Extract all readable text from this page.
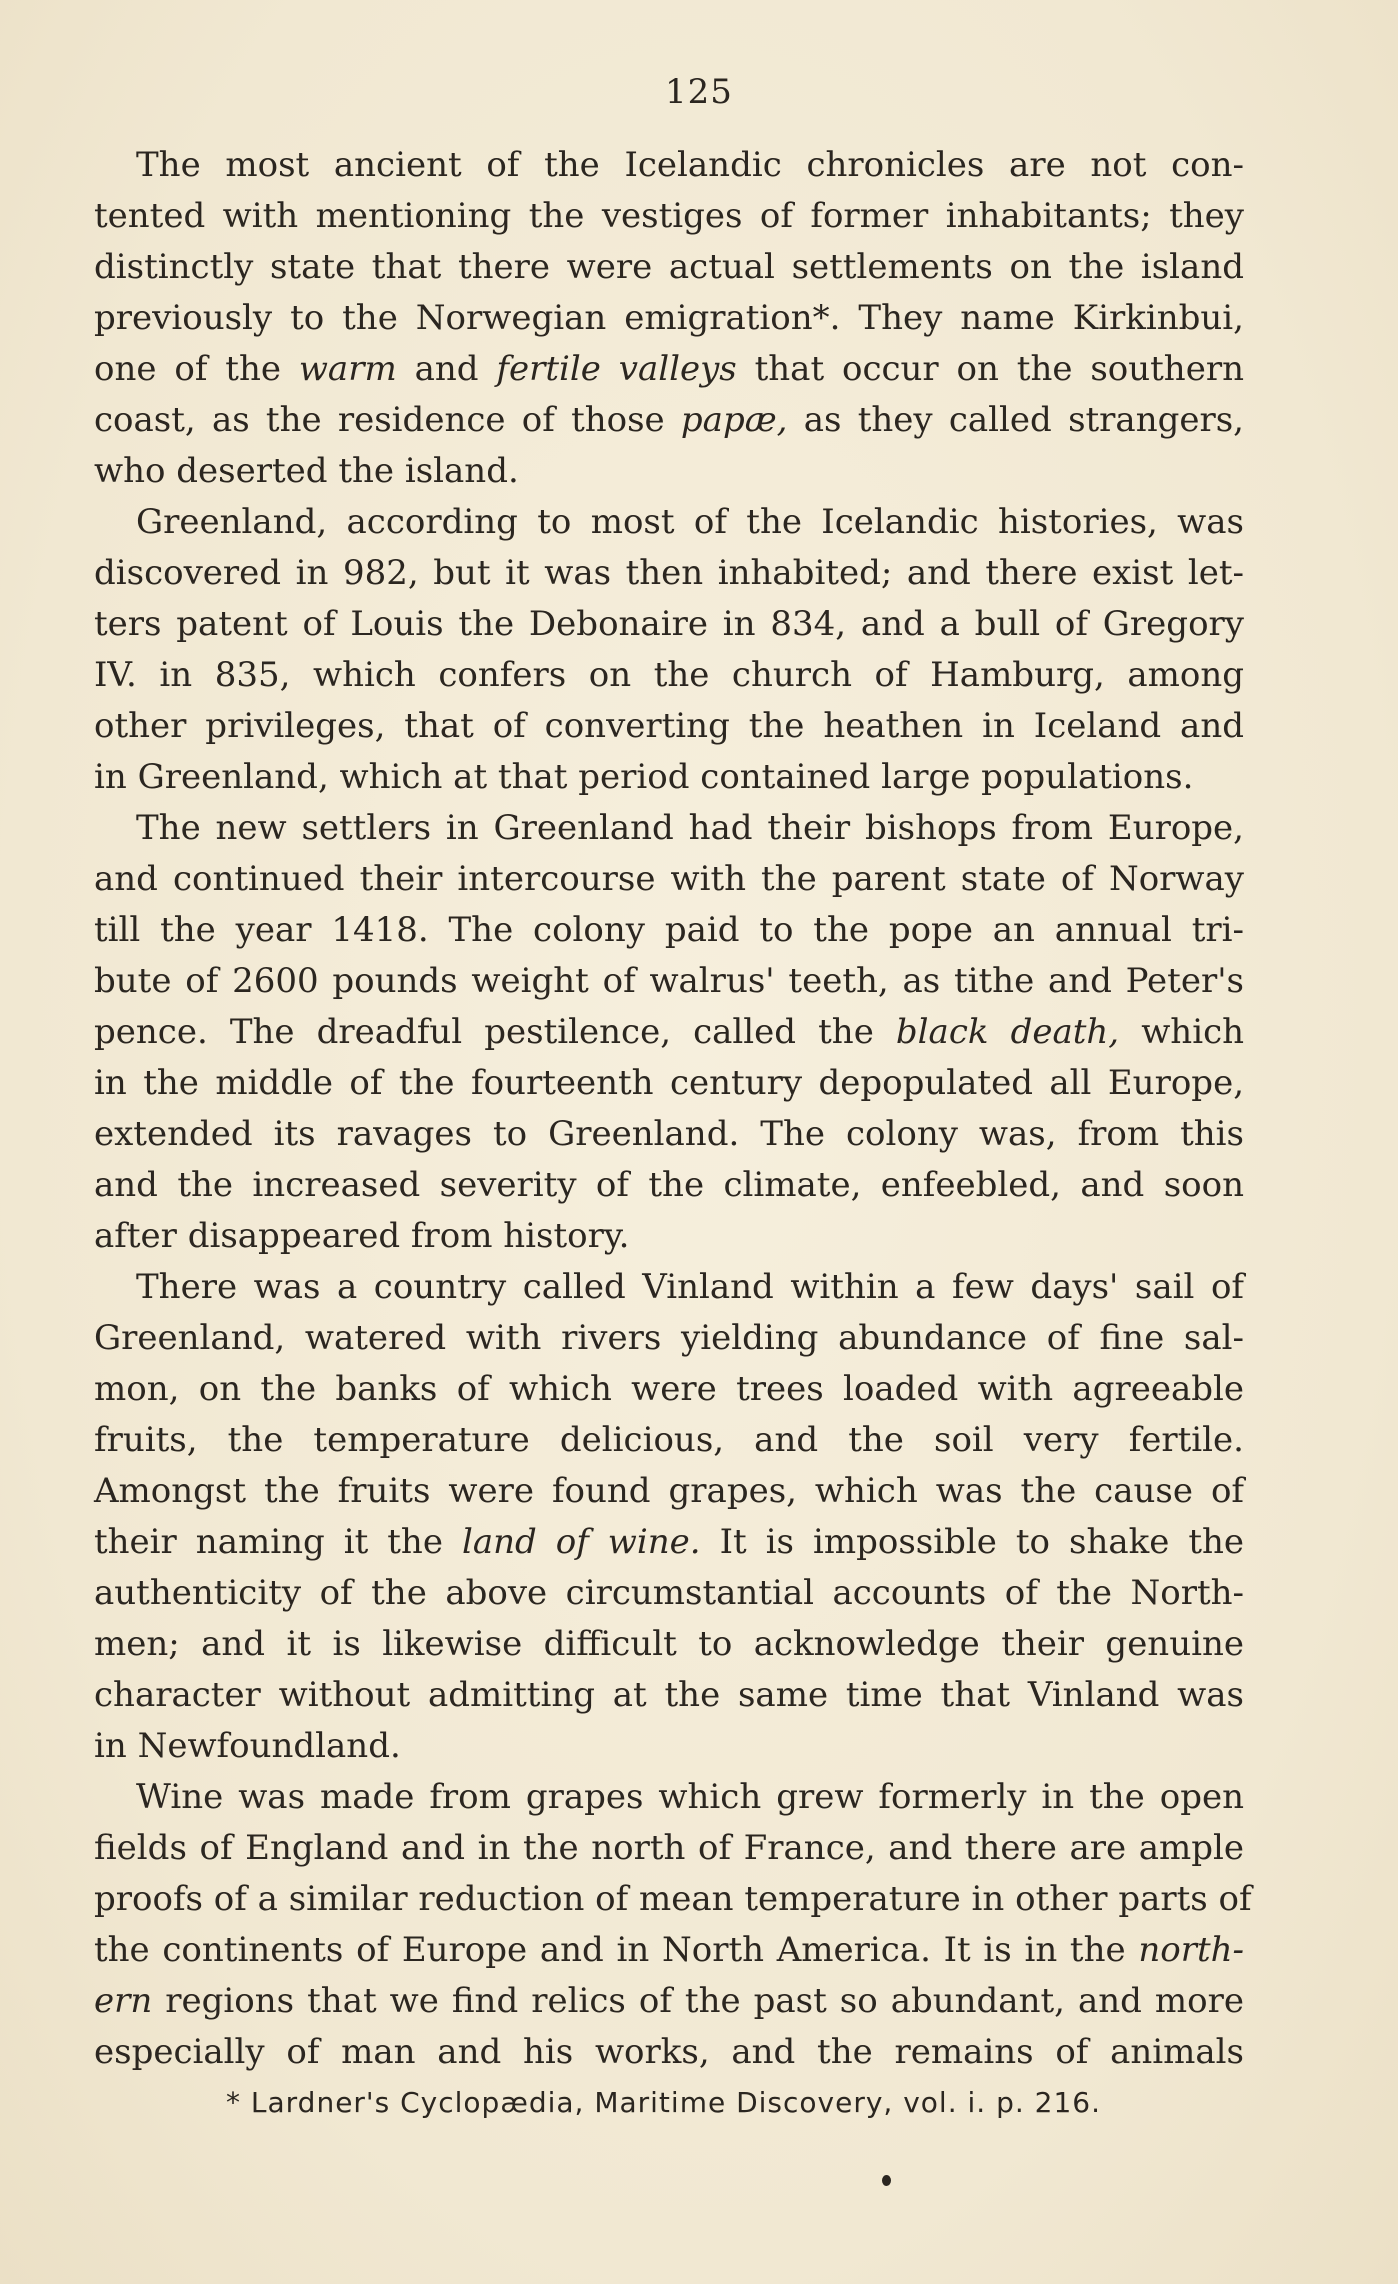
125
The most ancient of the Icelandic chronicles are not con-
tented with mentioning the vestiges of former inhabitants; they
distinctly state that there were actual settlements on the island
previously to the Norwegian emigration*. They name Kirkinbui,
one of the warm and fertile valleys that occur on the southern
coast, as the residence of those papæ, as they called strangers,
who deserted the island.
Greenland, according to most of the Icelandic histories, was
discovered in 982, but it was then inhabited; and there exist let-
ters patent of Louis the Debonaire in 834, and a bull of Gregory
IV. in 835, which confers on the church of Hamburg, among
other privileges, that of converting the heathen in Iceland and
in Greenland, which at that period contained large populations.
The new settlers in Greenland had their bishops from Europe,
and continued their intercourse with the parent state of Norway
till the year 1418. The colony paid to the pope an annual tri-
bute of 2600 pounds weight of walrus' teeth, as tithe and Peter's
pence. The dreadful pestilence, called the black death, which
in the middle of the fourteenth century depopulated all Europe,
extended its ravages to Greenland. The colony was, from this
and the increased severity of the climate, enfeebled, and soon
after disappeared from history.
There was a country called Vinland within a few days' sail of
Greenland, watered with rivers yielding abundance of fine sal-
mon, on the banks of which were trees loaded with agreeable
fruits, the temperature delicious, and the soil very fertile.
Amongst the fruits were found grapes, which was the cause of
their naming it the land of wine. It is impossible to shake the
authenticity of the above circumstantial accounts of the North-
men; and it is likewise difficult to acknowledge their genuine
character without admitting at the same time that Vinland was
in Newfoundland.
Wine was made from grapes which grew formerly in the open
fields of England and in the north of France, and there are ample
proofs of a similar reduction of mean temperature in other parts of
the continents of Europe and in North America. It is in the north-
ern regions that we find relics of the past so abundant, and more
especially of man and his works, and the remains of animals
* Lardner's Cyclopædia, Maritime Discovery, vol. i. p. 216.
